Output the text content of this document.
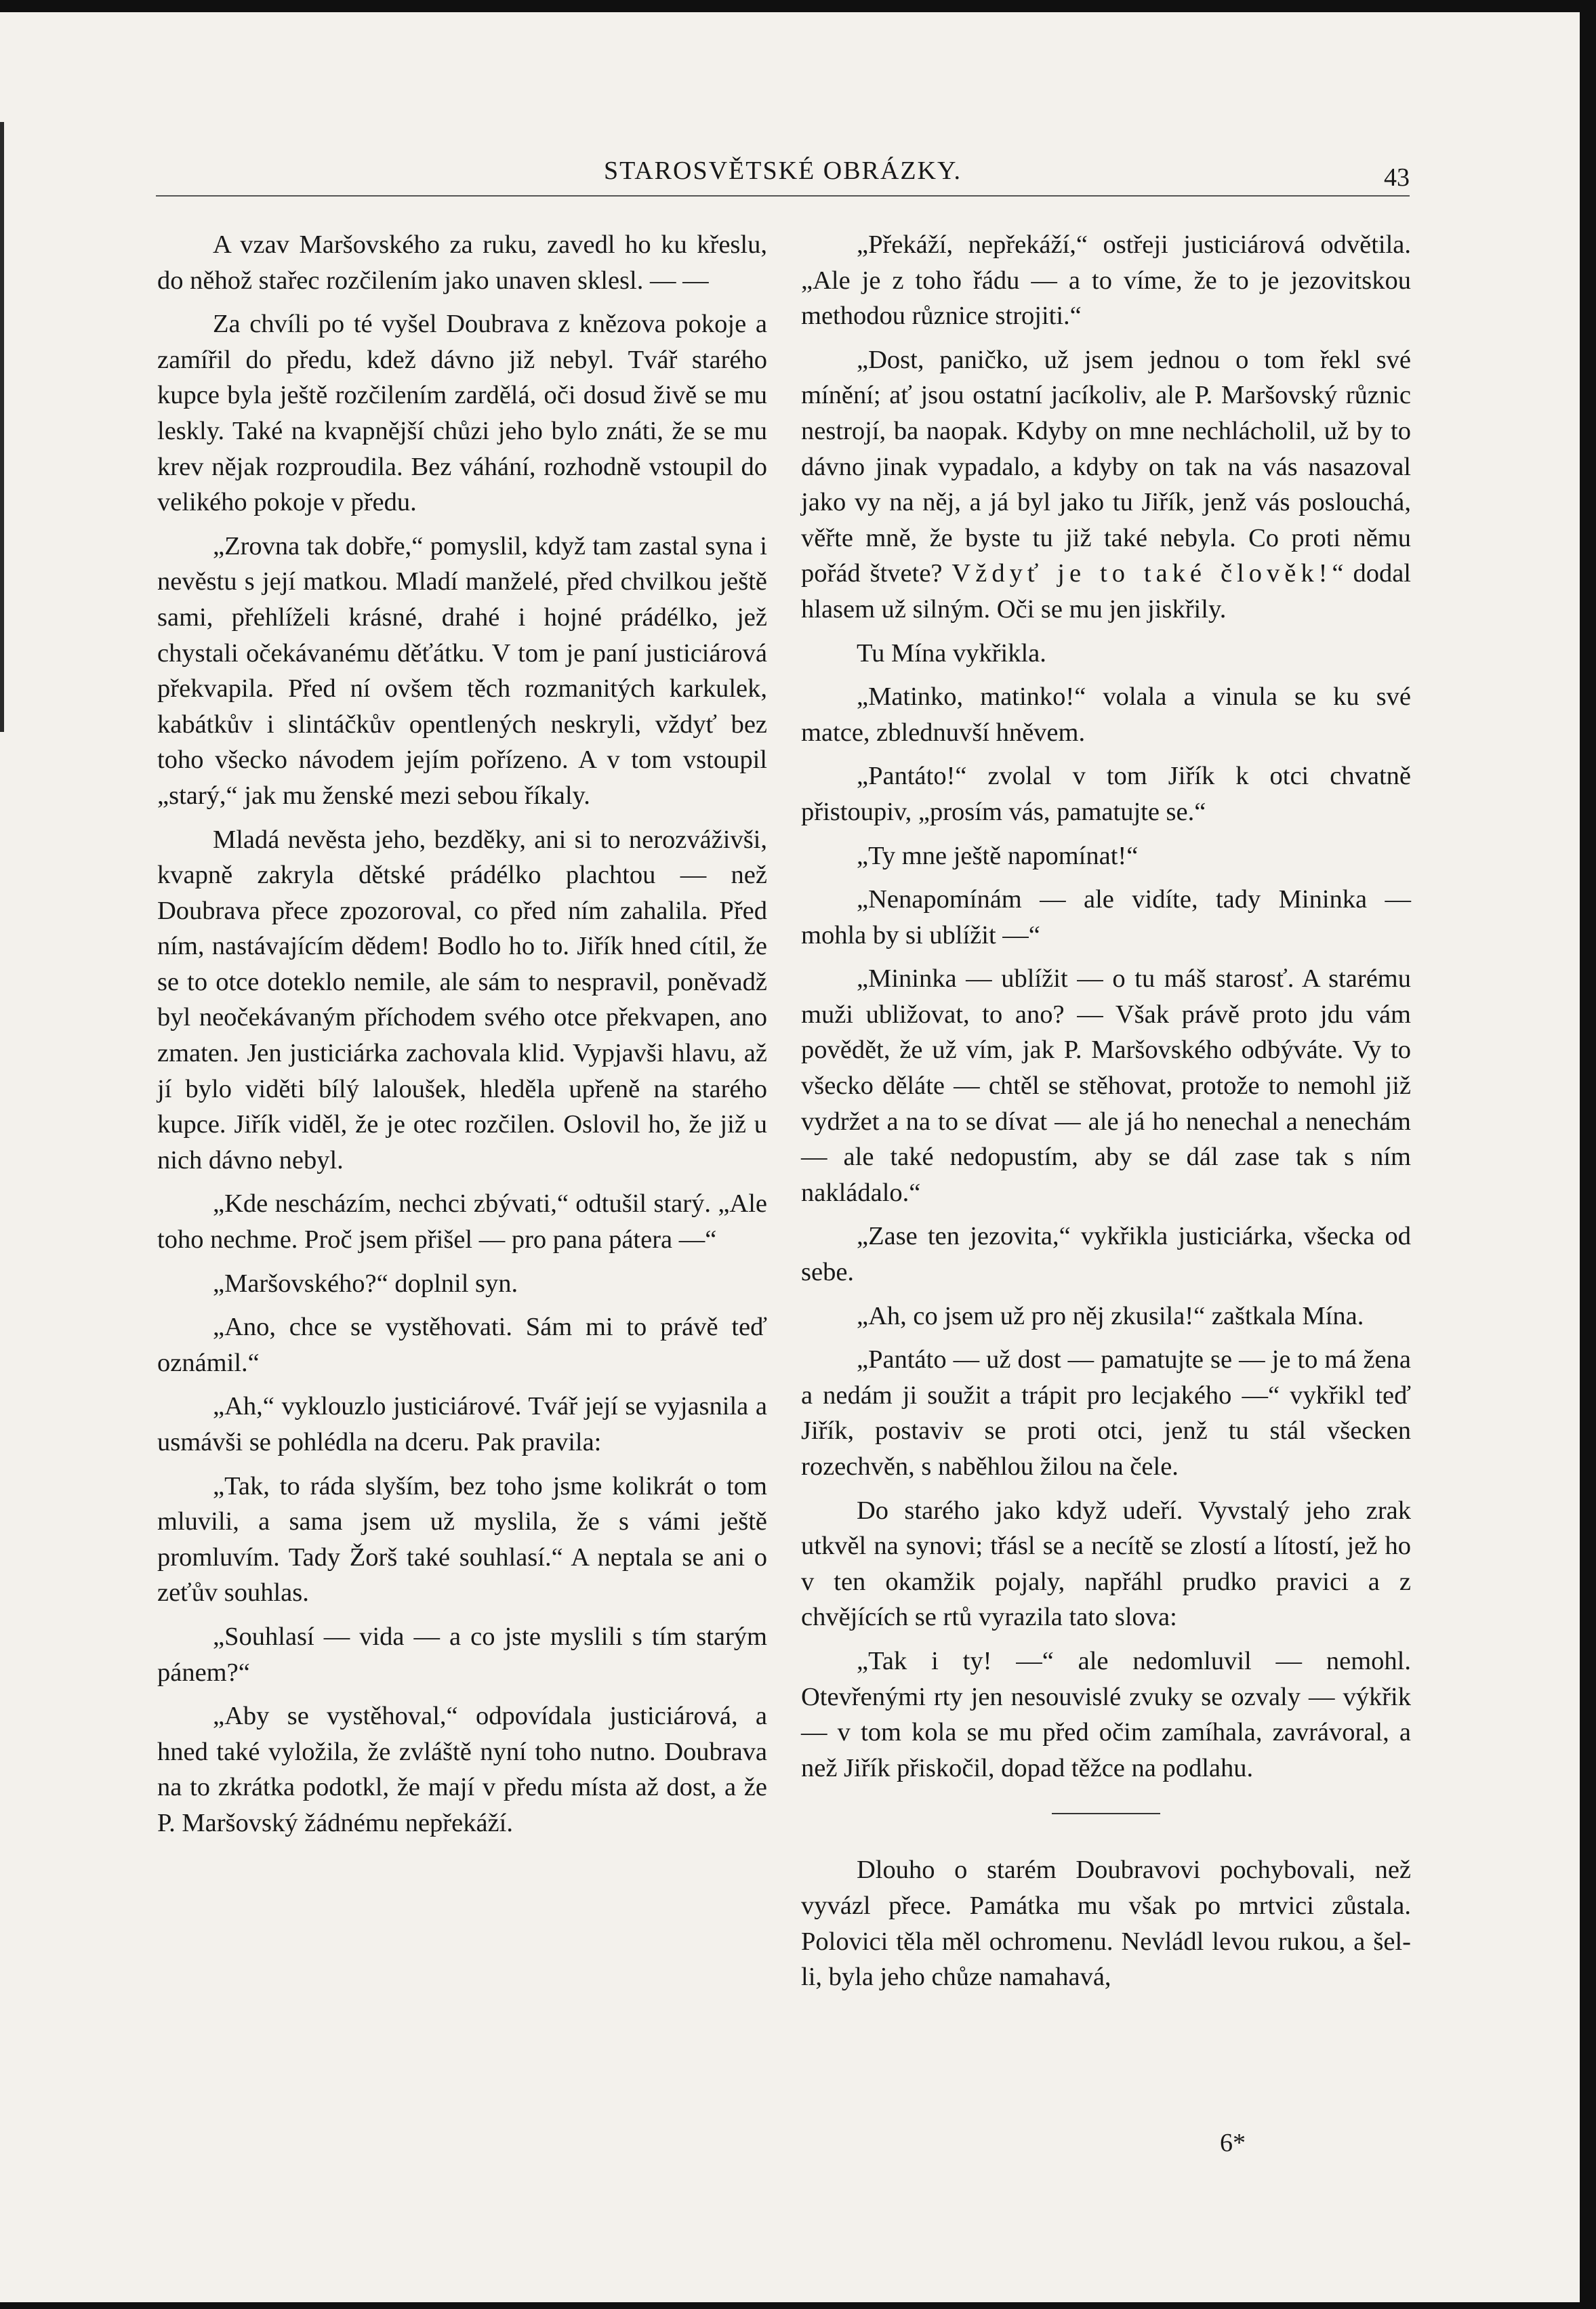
STAROSVĚTSKÉ OBRÁZKY.	43

A vzav Maršovského za ruku, zavedl ho ku křeslu, do něhož stařec rozčilením jako unaven sklesl. — —

Za chvíli po té vyšel Doubrava z knězova pokoje a zamířil do předu, kdež dávno již nebyl. Tvář starého kupce byla ještě rozčilením zardělá, oči dosud živě se mu leskly. Také na kvapnější chůzi jeho bylo znáti, že se mu krev nějak rozproudila. Bez váhání, rozhodně vstoupil do velikého pokoje v předu.

„Zrovna tak dobře,“ pomyslil, když tam zastal syna i nevěstu s její matkou. Mladí manželé, před chvilkou ještě sami, přehlíželi krásné, drahé i hojné prádélko, jež chystali očekávanému děťátku. V tom je paní justiciárová překvapila. Před ní ovšem těch rozmanitých karkulek, kabátkův i slintáčkův opentlených neskryli, vždyť bez toho všecko návodem jejím pořízeno. A v tom vstoupil „starý,“ jak mu ženské mezi sebou říkaly.

Mladá nevěsta jeho, bezděky, ani si to nerozváživši, kvapně zakryla dětské prádélko plachtou — než Doubrava přece zpozoroval, co před ním zahalila. Před ním, nastávajícím dědem! Bodlo ho to. Jiřík hned cítil, že se to otce doteklo nemile, ale sám to nespravil, poněvadž byl neočekávaným příchodem svého otce překvapen, ano zmaten. Jen justiciárka zachovala klid. Vypjavši hlavu, až jí bylo viděti bílý laloušek, hleděla upřeně na starého kupce. Jiřík viděl, že je otec rozčilen. Oslovil ho, že již u nich dávno nebyl.

„Kde nescházím, nechci zbývati,“ odtušil starý. „Ale toho nechme. Proč jsem přišel — pro pana pátera —“

„Maršovského?“ doplnil syn.

„Ano, chce se vystěhovati. Sám mi to právě teď oznámil.“

„Ah,“ vyklouzlo justiciárové. Tvář její se vyjasnila a usmávši se pohlédla na dceru. Pak pravila:

„Tak, to ráda slyším, bez toho jsme kolikrát o tom mluvili, a sama jsem už myslila, že s vámi ještě promluvím. Tady Žorš také souhlasí.“ A neptala se ani o zeťův souhlas.

„Souhlasí — vida — a co jste myslili s tím starým pánem?“

„Aby se vystěhoval,“ odpovídala justiciárová, a hned také vyložila, že zvláště nyní toho nutno. Doubrava na to zkrátka podotkl, že mají v předu místa až dost, a že P. Maršovský žádnému nepřekáží.

„Překáží, nepřekáží,“ ostřeji justiciárová odvětila. „Ale je z toho řádu — a to víme, že to je jezovitskou methodou různice strojiti.“

„Dost, paničko, už jsem jednou o tom řekl své mínění; ať jsou ostatní jacíkoliv, ale P. Maršovský různic nestrojí, ba naopak. Kdyby on mne nechlácholil, už by to dávno jinak vypadalo, a kdyby on tak na vás nasazoval jako vy na něj, a já byl jako tu Jiřík, jenž vás poslouchá, věřte mně, že byste tu již také nebyla. Co proti němu pořád štvete? Vždyť je to také člověk!“ dodal hlasem už silným. Oči se mu jen jiskřily.

Tu Mína vykřikla.

„Matinko, matinko!“ volala a vinula se ku své matce, zblednuvší hněvem.

„Pantáto!“ zvolal v tom Jiřík k otci chvatně přistoupiv, „prosím vás, pamatujte se.“

„Ty mne ještě napomínat!“

„Nenapomínám — ale vidíte, tady Mininka — mohla by si ublížit —“

„Mininka — ublížit — o tu máš starosť. A starému muži ubližovat, to ano? — Však právě proto jdu vám povědět, že už vím, jak P. Maršovského odbýváte. Vy to všecko děláte — chtěl se stěhovat, protože to nemohl již vydržet a na to se dívat — ale já ho nenechal a nenechám — ale také nedopustím, aby se dál zase tak s ním nakládalo.“

„Zase ten jezovita,“ vykřikla justiciárka, všecka od sebe.

„Ah, co jsem už pro něj zkusila!“ zaštkala Mína.

„Pantáto — už dost — pamatujte se — je to má žena a nedám ji soužit a trápit pro lecjakého —“ vykřikl teď Jiřík, postaviv se proti otci, jenž tu stál všecken rozechvěn, s naběhlou žilou na čele.

Do starého jako když udeří. Vyvstalý jeho zrak utkvěl na synovi; třásl se a necítě se zlostí a lítostí, jež ho v ten okamžik pojaly, napřáhl prudko pravici a z chvějících se rtů vyrazila tato slova:

„Tak i ty! —“ ale nedomluvil — nemohl. Otevřenými rty jen nesouvislé zvuky se ozvaly — výkřik — v tom kola se mu před očim zamíhala, zavrávoral, a než Jiřík přiskočil, dopad těžce na podlahu.

Dlouho o starém Doubravovi pochybovali, než vyvázl přece. Památka mu však po mrtvici zůstala. Polovici těla měl ochromenu. Nevládl levou rukou, a šel-li, byla jeho chůze namahavá,

6*
